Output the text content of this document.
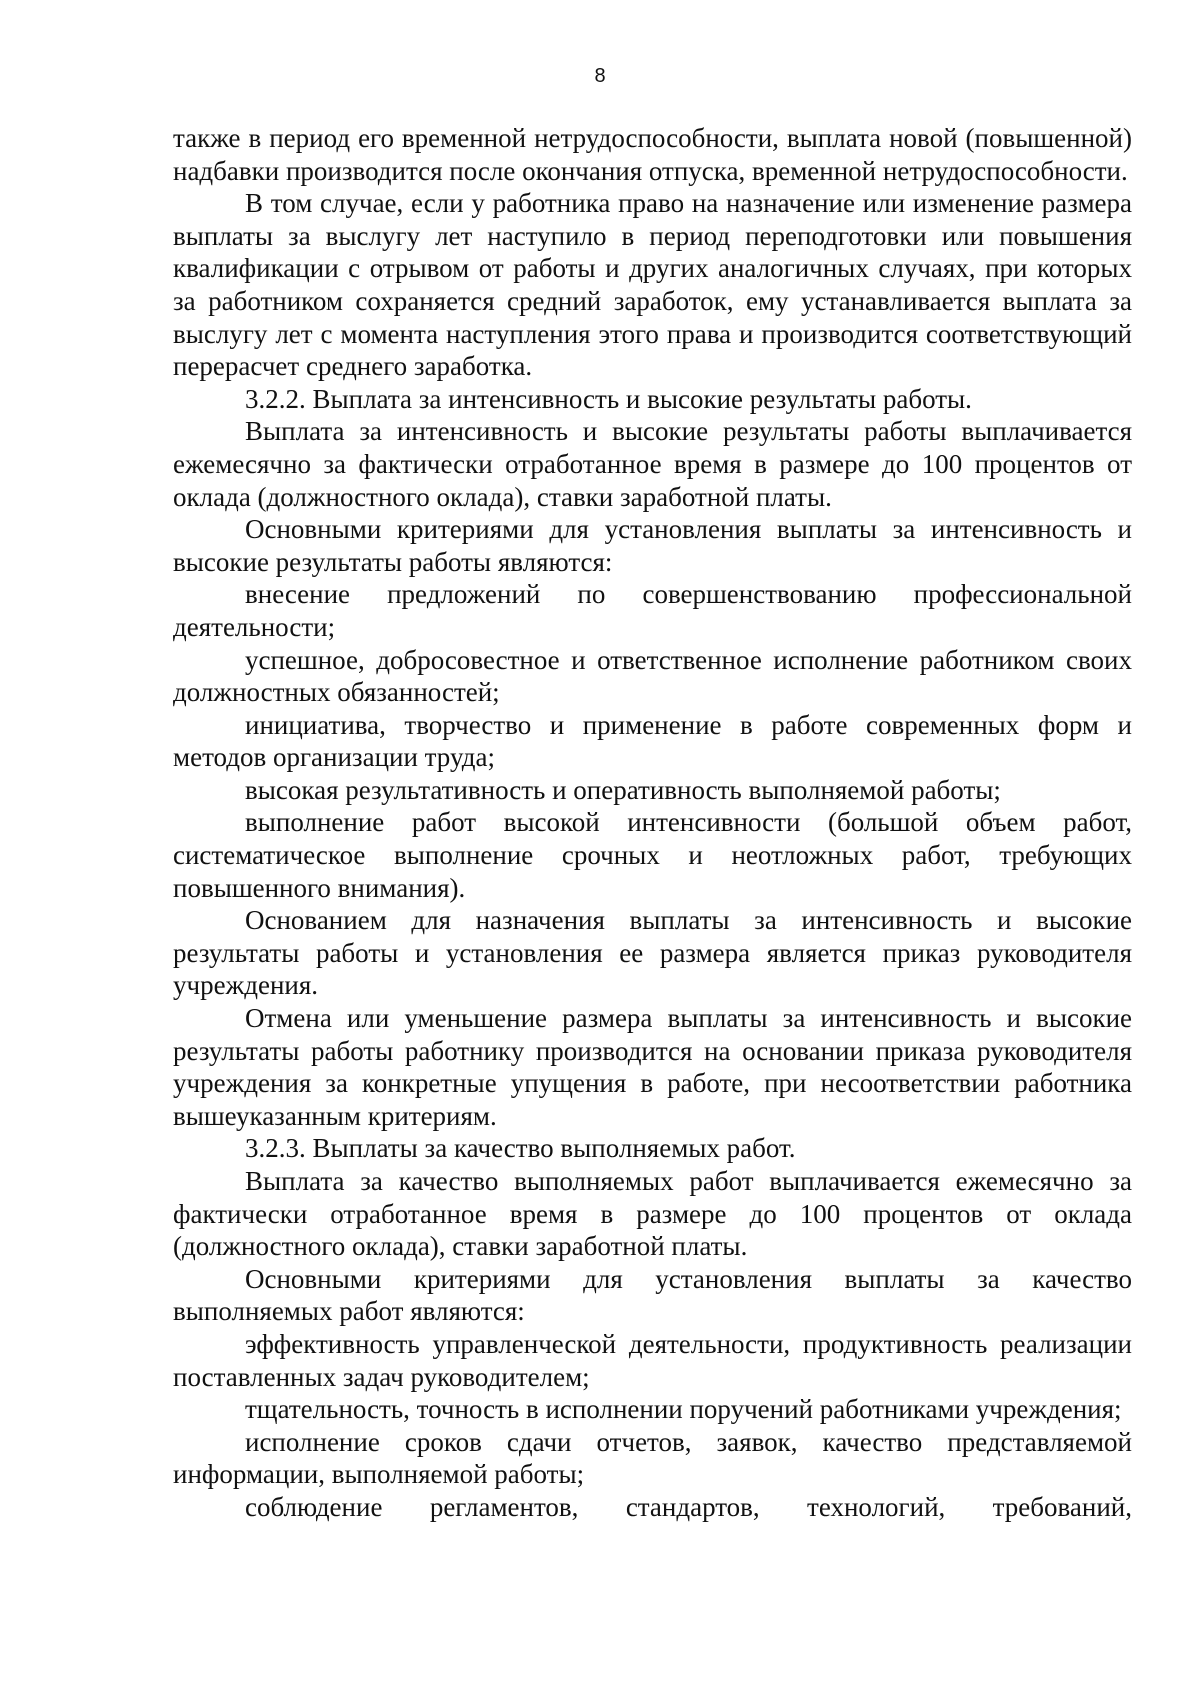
8

также в период его временной нетрудоспособности, выплата новой (повышенной) надбавки производится после окончания отпуска, временной нетрудоспособности.

В том случае, если у работника право на назначение или изменение размера выплаты за выслугу лет наступило в период переподготовки или повышения квалификации с отрывом от работы и других аналогичных случаях, при которых за работником сохраняется средний заработок, ему устанавливается выплата за выслугу лет с момента наступления этого права и производится соответствующий перерасчет среднего заработка.

3.2.2. Выплата за интенсивность и высокие результаты работы.

Выплата за интенсивность и высокие результаты работы выплачивается ежемесячно за фактически отработанное время в размере до 100 процентов от оклада (должностного оклада), ставки заработной платы.

Основными критериями для установления выплаты за интенсивность и высокие результаты работы являются:

внесение предложений по совершенствованию профессиональной деятельности;

успешное, добросовестное и ответственное исполнение работником своих должностных обязанностей;

инициатива, творчество и применение в работе современных форм и методов организации труда;

высокая результативность и оперативность выполняемой работы;

выполнение работ высокой интенсивности (большой объем работ, систематическое выполнение срочных и неотложных работ, требующих повышенного внимания).

Основанием для назначения выплаты за интенсивность и высокие результаты работы и установления ее размера является приказ руководителя учреждения.

Отмена или уменьшение размера выплаты за интенсивность и высокие результаты работы работнику производится на основании приказа руководителя учреждения за конкретные упущения в работе, при несоответствии работника вышеуказанным критериям.

3.2.3. Выплаты за качество выполняемых работ.

Выплата за качество выполняемых работ выплачивается ежемесячно за фактически отработанное время в размере до 100 процентов от оклада (должностного оклада), ставки заработной платы.

Основными критериями для установления выплаты за качество выполняемых работ являются:

эффективность управленческой деятельности, продуктивность реализации поставленных задач руководителем;

тщательность, точность в исполнении поручений работниками учреждения;

исполнение сроков сдачи отчетов, заявок, качество представляемой информации, выполняемой работы;

соблюдение регламентов, стандартов, технологий, требований,
